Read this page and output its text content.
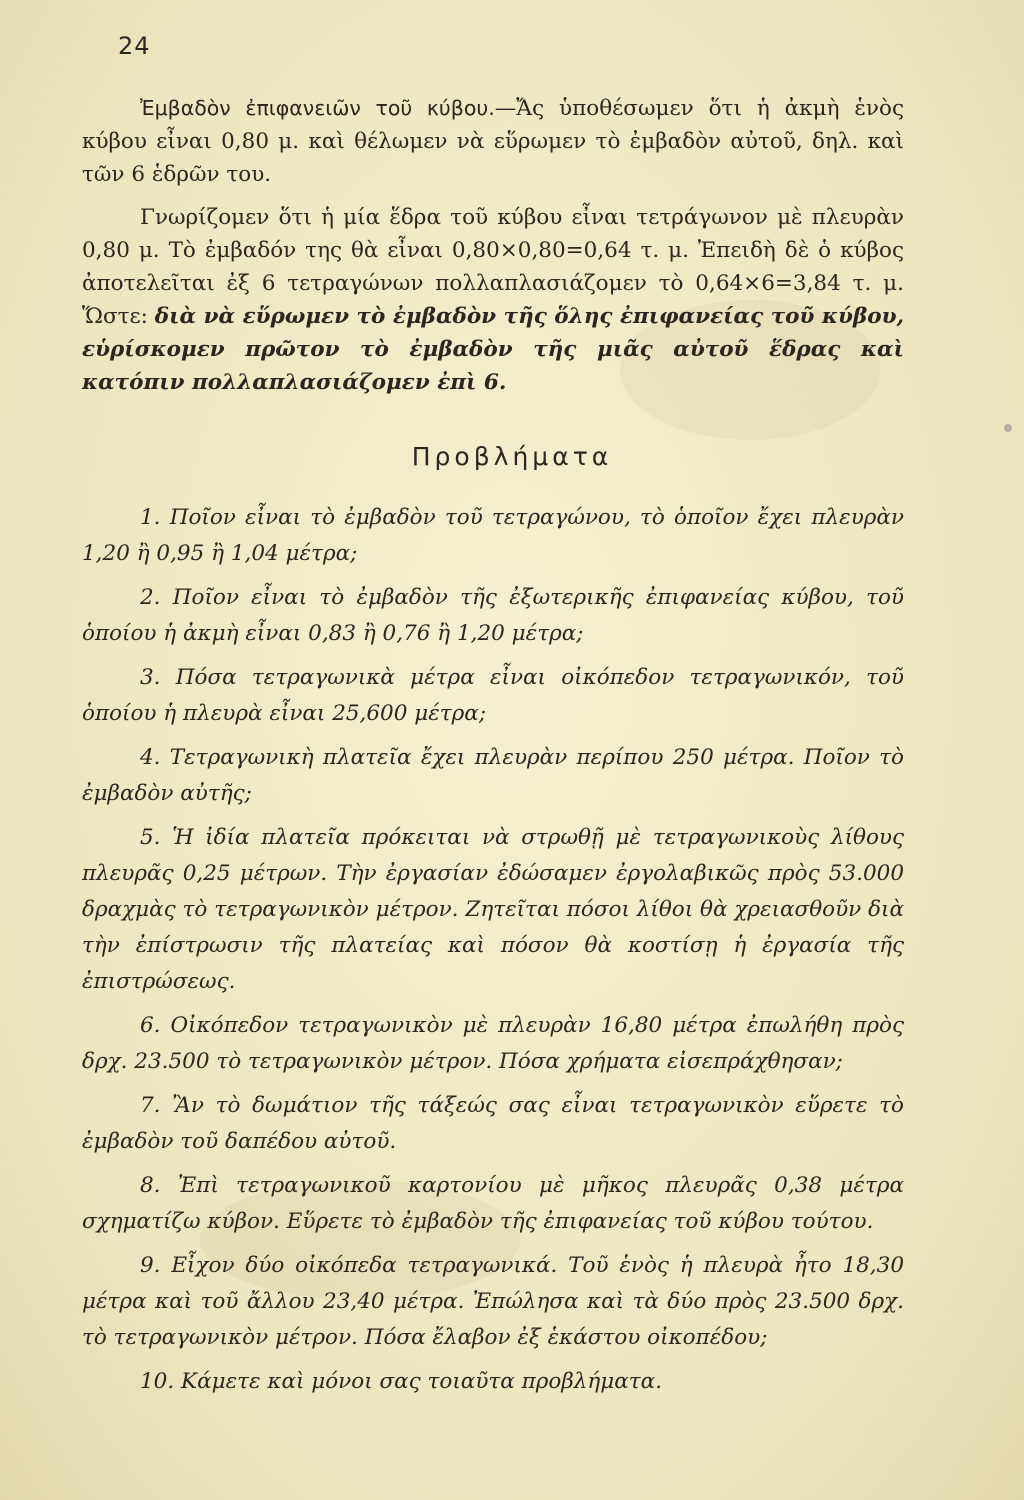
24

Ἐμβαδὸν ἐπιφανειῶν τοῦ κύβου.—Ἄς ὑποθέσωμεν ὅτι ἡ ἀκμὴ ἑνὸς κύβου εἶναι 0,80 μ. καὶ θέλωμεν νὰ εὕρωμεν τὸ ἐμβαδὸν αὐτοῦ, δηλ. καὶ τῶν 6 ἑδρῶν του.

Γνωρίζομεν ὅτι ἡ μία ἕδρα τοῦ κύβου εἶναι τετράγωνον μὲ πλευρὰν 0,80 μ. Τὸ ἐμβαδόν της θὰ εἶναι 0,80×0,80=0,64 τ. μ. Ἐπειδὴ δὲ ὁ κύβος ἀποτελεῖται ἐξ 6 τετραγώνων πολλαπλασιάζομεν τὸ 0,64×6=3,84 τ. μ. Ὥστε: διὰ νὰ εὕρωμεν τὸ ἐμβαδὸν τῆς ὅλης ἐπιφανείας τοῦ κύβου, εὑρίσκομεν πρῶτον τὸ ἐμβαδὸν τῆς μιᾶς αὐτοῦ ἕδρας καὶ κατόπιν πολλαπλασιάζομεν ἐπὶ 6.

Προβλήματα

1. Ποῖον εἶναι τὸ ἐμβαδὸν τοῦ τετραγώνου, τὸ ὁποῖον ἔχει πλευρὰν 1,20 ἢ 0,95 ἢ 1,04 μέτρα;

2. Ποῖον εἶναι τὸ ἐμβαδὸν τῆς ἐξωτερικῆς ἐπιφανείας κύβου, τοῦ ὁποίου ἡ ἀκμὴ εἶναι 0,83 ἢ 0,76 ἢ 1,20 μέτρα;

3. Πόσα τετραγωνικὰ μέτρα εἶναι οἰκόπεδον τετραγωνικόν, τοῦ ὁποίου ἡ πλευρὰ εἶναι 25,600 μέτρα;

4. Τετραγωνικὴ πλατεῖα ἔχει πλευρὰν περίπου 250 μέτρα. Ποῖον τὸ ἐμβαδὸν αὐτῆς;

5. Ἡ ἰδία πλατεῖα πρόκειται νὰ στρωθῇ μὲ τετραγωνικοὺς λίθους πλευρᾶς 0,25 μέτρων. Τὴν ἐργασίαν ἐδώσαμεν ἐργολαβικῶς πρὸς 53.000 δραχμὰς τὸ τετραγωνικὸν μέτρον. Ζητεῖται πόσοι λίθοι θὰ χρειασθοῦν διὰ τὴν ἐπίστρωσιν τῆς πλατείας καὶ πόσον θὰ κοστίσῃ ἡ ἐργασία τῆς ἐπιστρώσεως.

6. Οἰκόπεδον τετραγωνικὸν μὲ πλευρὰν 16,80 μέτρα ἐπωλήθη πρὸς δρχ. 23.500 τὸ τετραγωνικὸν μέτρον. Πόσα χρήματα εἰσεπράχθησαν;

7. Ἂν τὸ δωμάτιον τῆς τάξεώς σας εἶναι τετραγωνικὸν εὕρετε τὸ ἐμβαδὸν τοῦ δαπέδου αὐτοῦ.

8. Ἐπὶ τετραγωνικοῦ καρτονίου μὲ μῆκος πλευρᾶς 0,38 μέτρα σχηματίζω κύβον. Εὕρετε τὸ ἐμβαδὸν τῆς ἐπιφανείας τοῦ κύβου τούτου.

9. Εἶχον δύο οἰκόπεδα τετραγωνικά. Τοῦ ἑνὸς ἡ πλευρὰ ἦτο 18,30 μέτρα καὶ τοῦ ἄλλου 23,40 μέτρα. Ἐπώλησα καὶ τὰ δύο πρὸς 23.500 δρχ. τὸ τετραγωνικὸν μέτρον. Πόσα ἔλαβον ἐξ ἑκάστου οἰκοπέδου;

10. Κάμετε καὶ μόνοι σας τοιαῦτα προβλήματα.
